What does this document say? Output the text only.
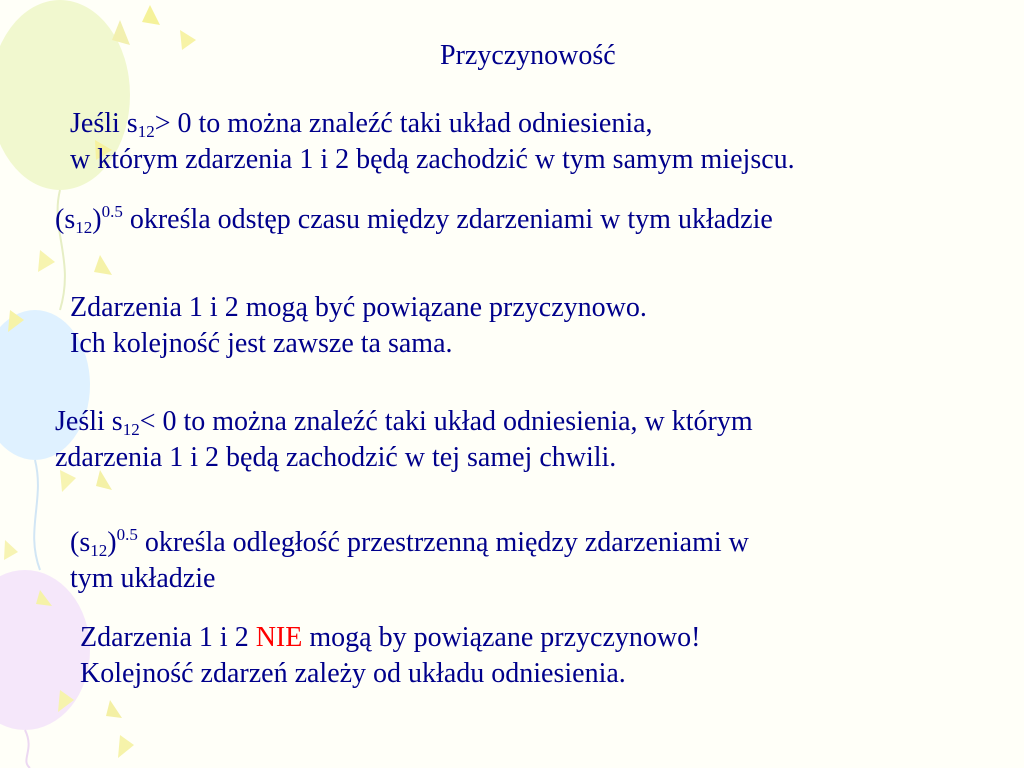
Przyczynowość
Jeśli $s_{12}> 0$ to można znaleźć taki układ odniesienia,
w którym zdarzenia 1 i 2 będą zachodzić w tym samym miejscu.
$(s_{12})^{0.5}$ określa odstęp czasu między zdarzeniami w tym układzie
Zdarzenia 1 i 2 mogą być powiązane przyczynowo.
Ich kolejność jest zawsze ta sama.
Jeśli $s_{12}< 0$ to można znaleźć taki układ odniesienia, w którym
zdarzenia 1 i 2 będą zachodzić w tej samej chwili.
$(s_{12})^{0.5}$ określa odległość przestrzenną między zdarzeniami w
tym układzie
Zdarzenia 1 i 2 NIE mogą by powiązane przyczynowo!
Kolejność zdarzeń zależy od układu odniesienia.
